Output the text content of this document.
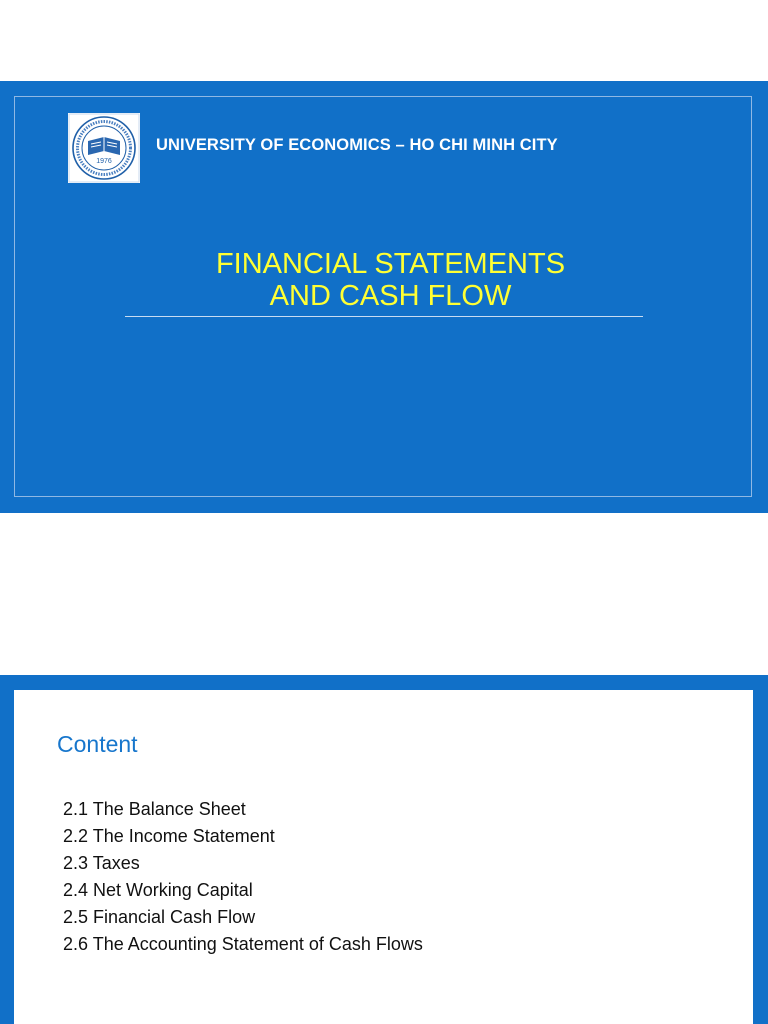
1976
UNIVERSITY OF ECONOMICS – HO CHI MINH CITY
FINANCIAL STATEMENTS
AND CASH FLOW
Content
2.1 The Balance Sheet
2.2 The Income Statement
2.3 Taxes
2.4 Net Working Capital
2.5 Financial Cash Flow
2.6 The Accounting Statement of Cash Flows
